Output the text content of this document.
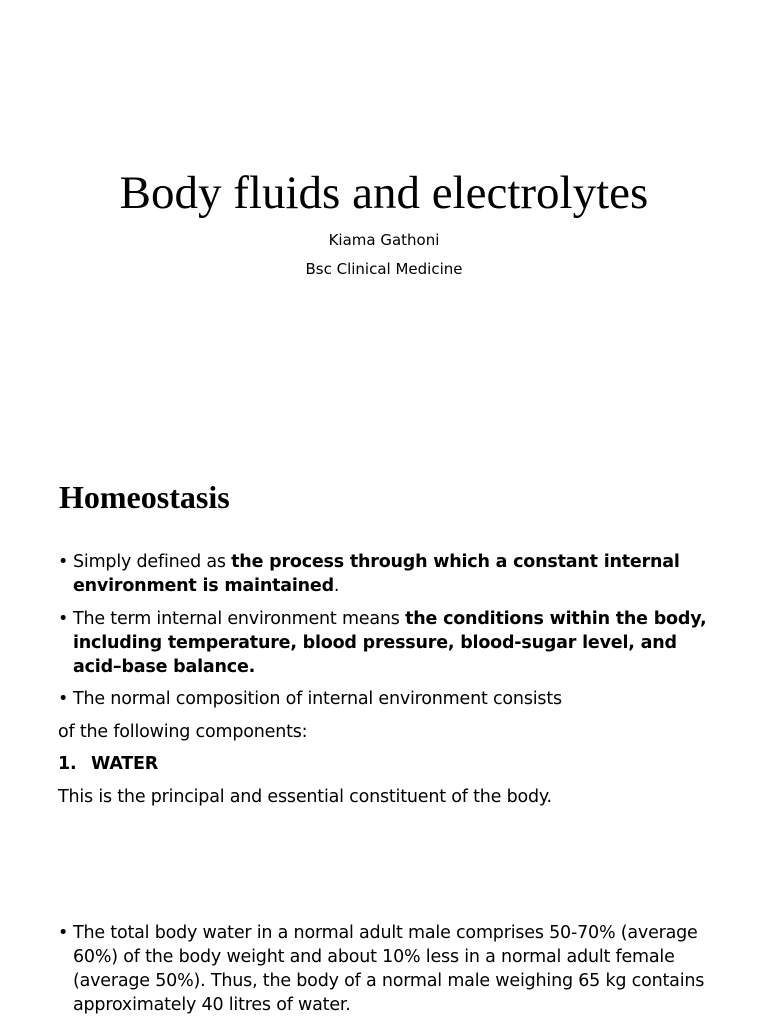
Body fluids and electrolytes
Kiama Gathoni
Bsc Clinical Medicine
Homeostasis
• Simply defined as the process through which a constant internal environment is maintained.
• The term internal environment means the conditions within the body, including temperature, blood pressure, blood-sugar level, and acid–base balance.
• The normal composition of internal environment consists
of the following components:
1. WATER
This is the principal and essential constituent of the body.
• The total body water in a normal adult male comprises 50-70% (average 60%) of the body weight and about 10% less in a normal adult female (average 50%). Thus, the body of a normal male weighing 65 kg contains approximately 40 litres of water.
